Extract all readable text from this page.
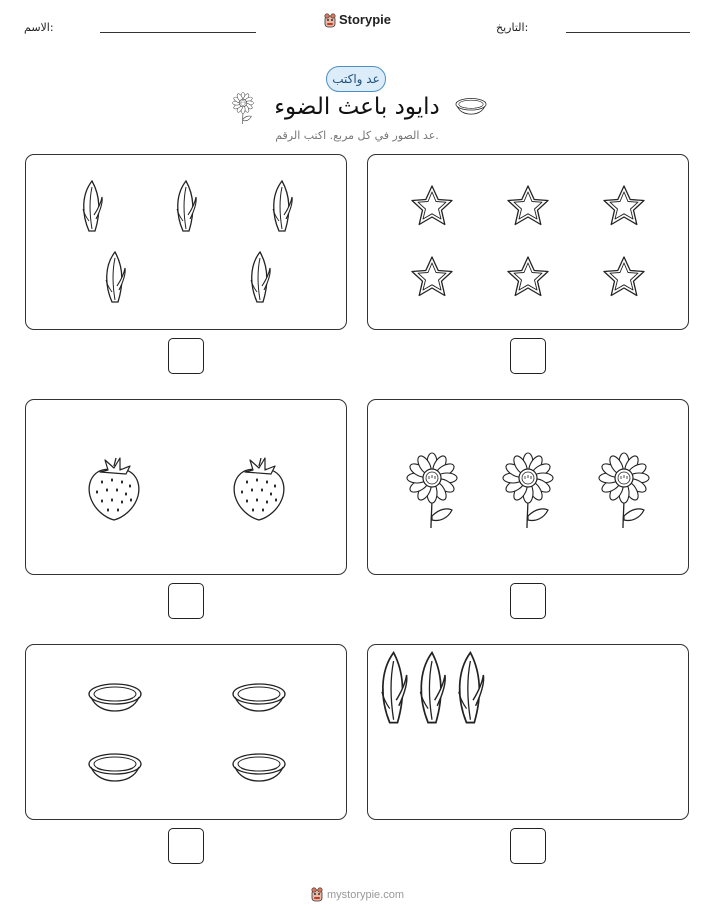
الاسم:	التاريخ:
Storypie
عد واكتب
دايود باعث الضوء
عد الصور في كل مربع. اكتب الرقم.
mystorypie.com
